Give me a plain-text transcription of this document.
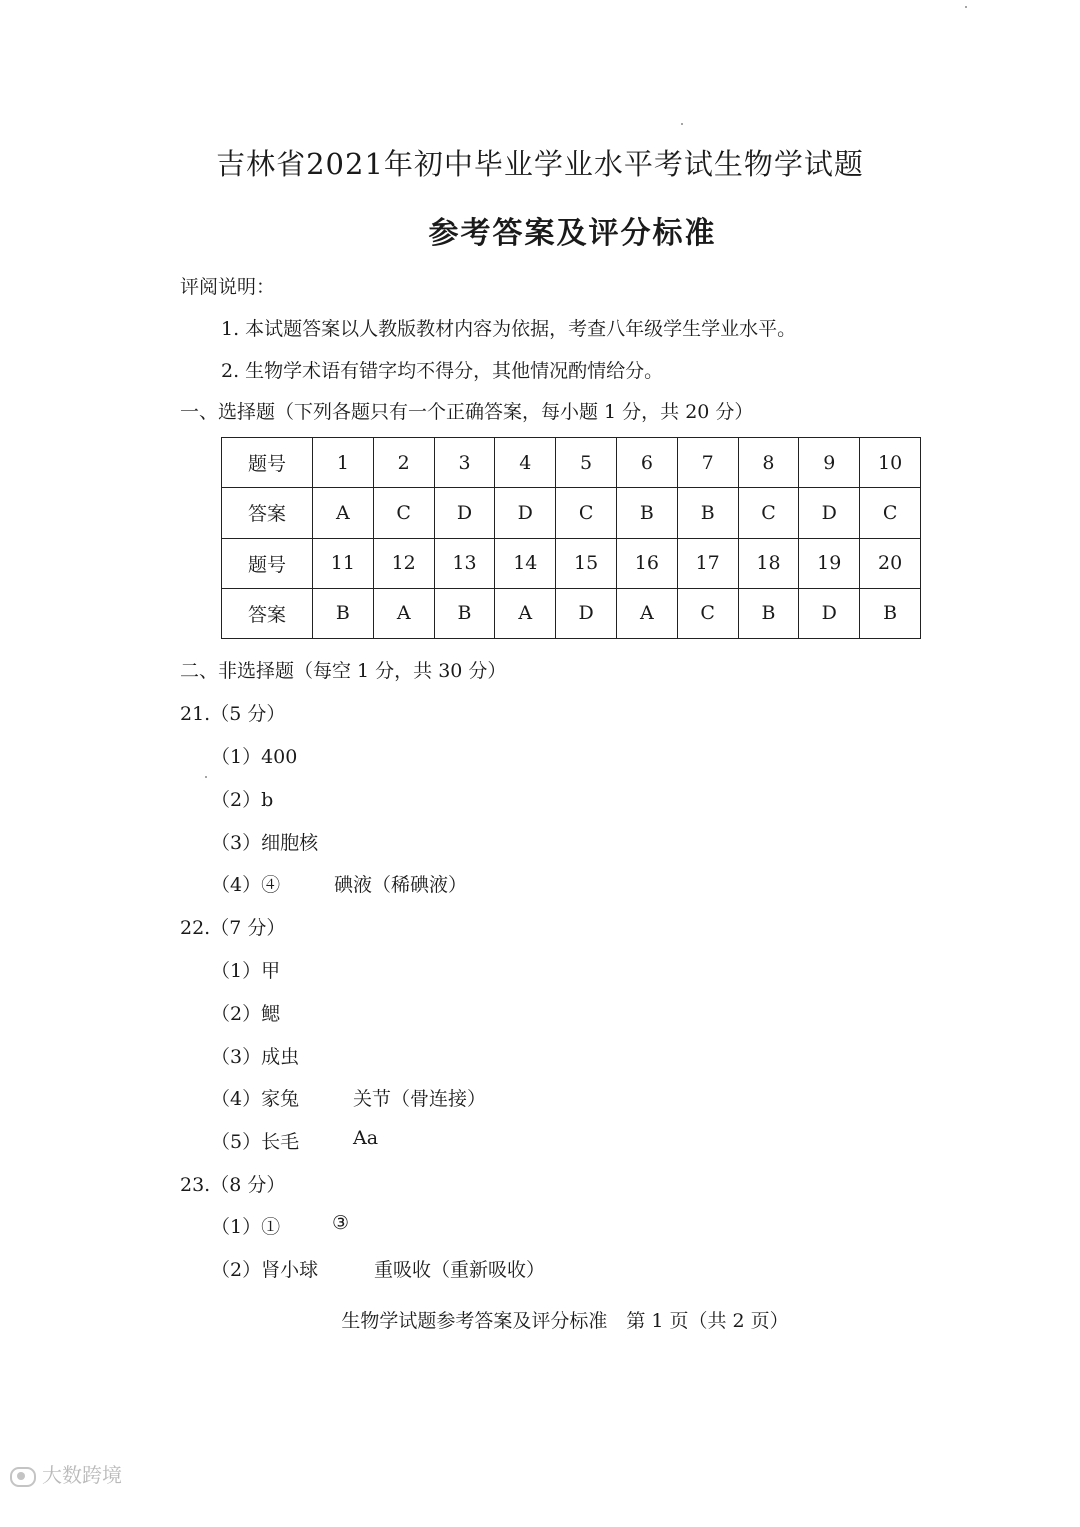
吉林省2021年初中毕业学业水平考试生物学试题
参考答案及评分标准
评阅说明：
1. 本试题答案以人教版教材内容为依据，考查八年级学生学业水平。
2. 生物学术语有错字均不得分，其他情况酌情给分。
一、选择题（下列各题只有一个正确答案，每小题 1 分，共 20 分）
题号	1	2	3	4	5	6	7	8	9	10
答案	A	C	D	D	C	B	B	C	D	C
题号	11	12	13	14	15	16	17	18	19	20
答案	B	A	B	A	D	A	C	B	D	B
二、非选择题（每空 1 分，共 30 分）
21.（5 分）
（1）400
（2）b
（3）细胞核
（4）④	碘液（稀碘液）
22.（7 分）
（1）甲
（2）鳃
（3）成虫
（4）家兔	关节（骨连接）
（5）长毛	Aa
23.（8 分）
（1）①	③
（2）肾小球	重吸收（重新吸收）
生物学试题参考答案及评分标准　第 1 页（共 2 页）
大数跨境
